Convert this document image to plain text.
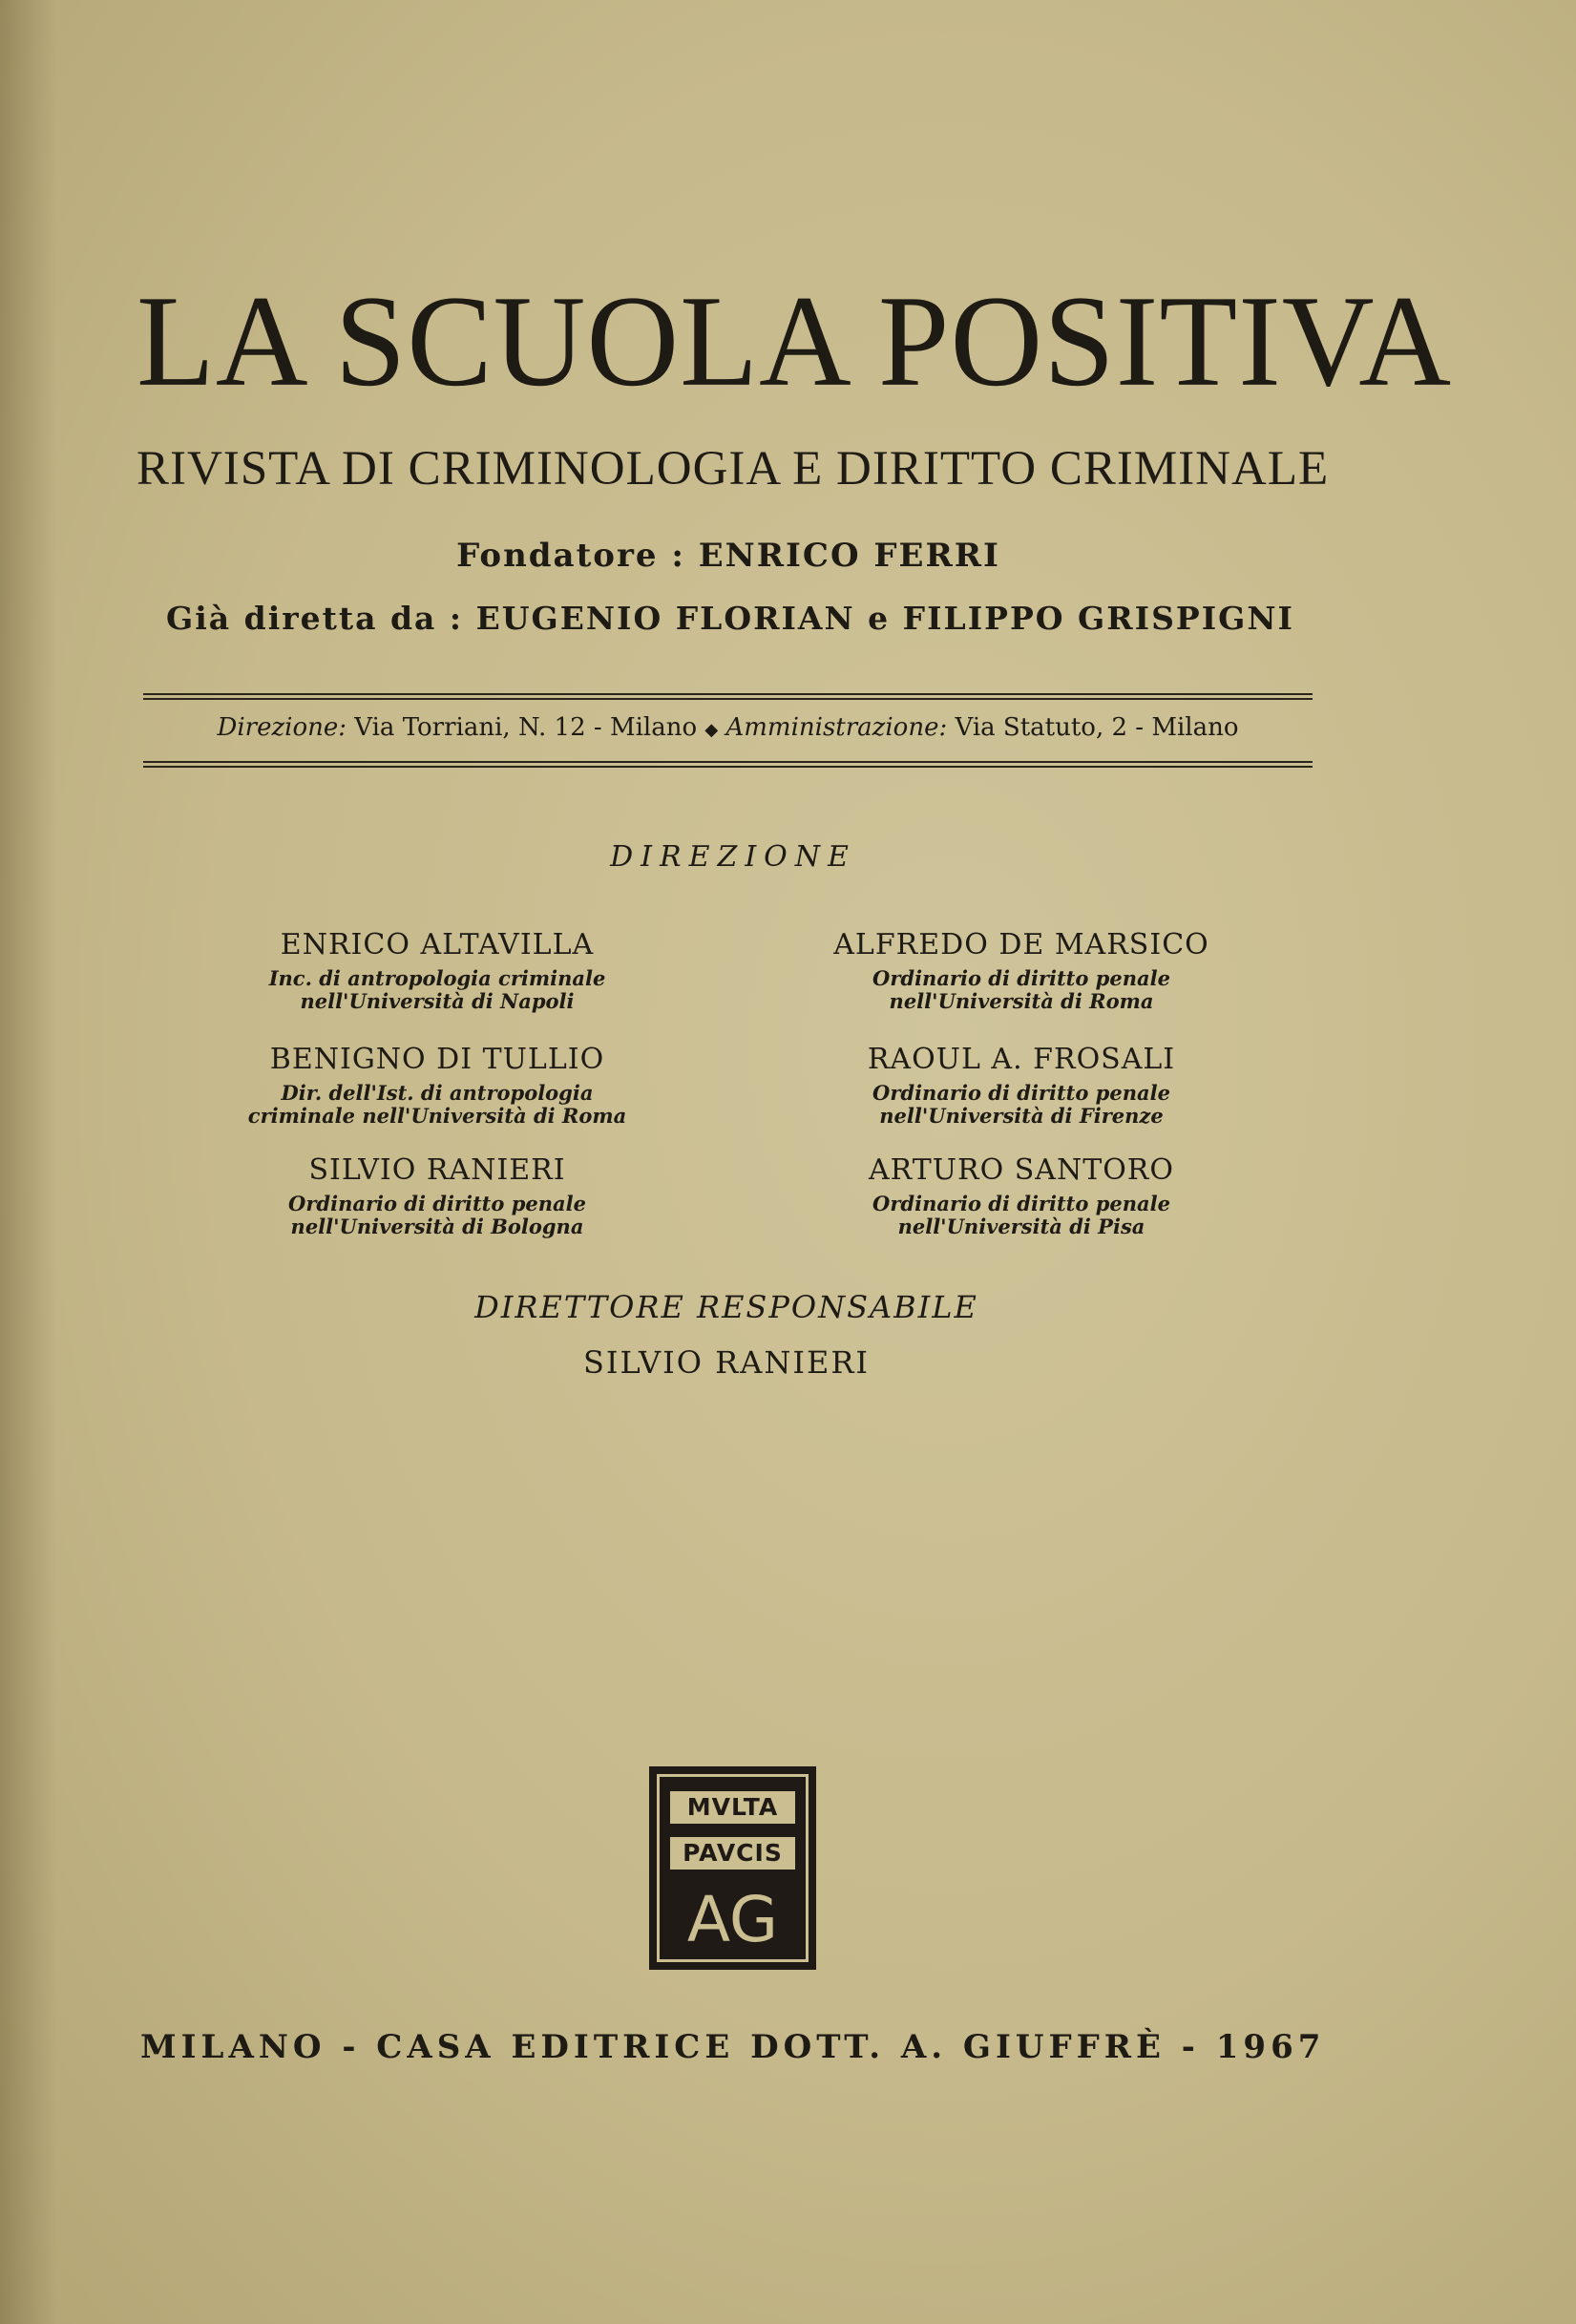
LA SCUOLA POSITIVA
RIVISTA DI CRIMINOLOGIA E DIRITTO CRIMINALE
Fondatore : ENRICO FERRI
Già diretta da : EUGENIO FLORIAN e FILIPPO GRISPIGNI
Direzione: Via Torriani, N. 12 - Milano ◆ Amministrazione: Via Statuto, 2 - Milano
DIREZIONE
ENRICO ALTAVILLA
Inc. di antropologia criminale
nell'Università di Napoli
ALFREDO DE MARSICO
Ordinario di diritto penale
nell'Università di Roma
BENIGNO DI TULLIO
Dir. dell'Ist. di antropologia
criminale nell'Università di Roma
RAOUL A. FROSALI
Ordinario di diritto penale
nell'Università di Firenze
SILVIO RANIERI
Ordinario di diritto penale
nell'Università di Bologna
ARTURO SANTORO
Ordinario di diritto penale
nell'Università di Pisa
DIRETTORE RESPONSABILE
SILVIO RANIERI
MVLTA
PAVCIS
AG
MILANO - CASA EDITRICE DOTT. A. GIUFFRÈ - 1967
